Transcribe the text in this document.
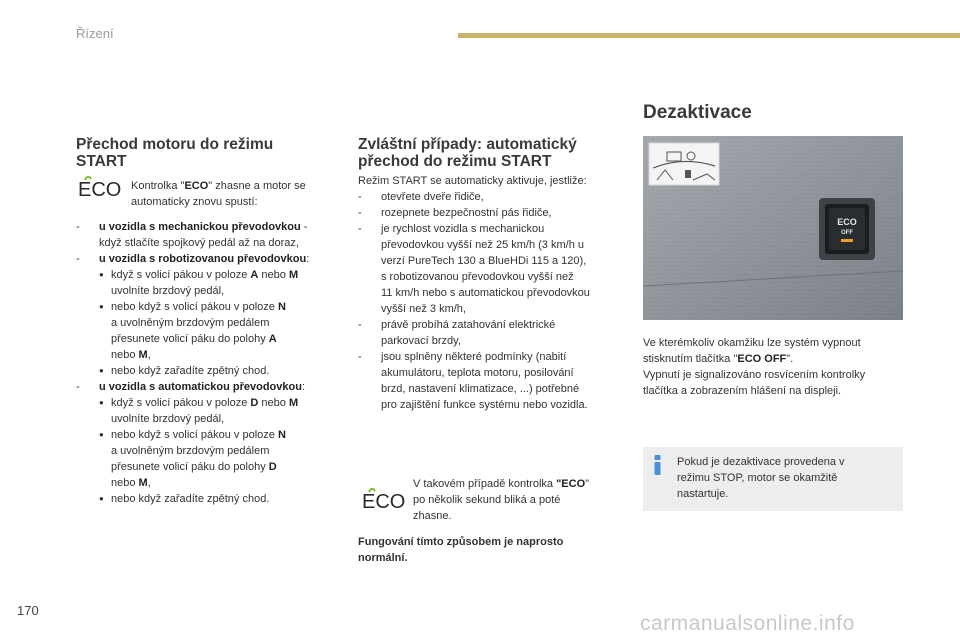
Řízení
Přechod motoru do režimu
START
ECO Kontrolka "ECO" zhasne a motor se
automaticky znovu spustí:
- u vozidla s mechanickou převodovkou -
když stlačíte spojkový pedál až na doraz,
- u vozidla s robotizovanou převodovkou:
● když s volicí pákou v poloze A nebo M
uvolníte brzdový pedál,
● nebo když s volicí pákou v poloze N
a uvolněným brzdovým pedálem
přesunete volicí páku do polohy A
nebo M,
● nebo když zařadíte zpětný chod.
- u vozidla s automatickou převodovkou:
● když s volicí pákou v poloze D nebo M
uvolníte brzdový pedál,
● nebo když s volicí pákou v poloze N
a uvolněným brzdovým pedálem
přesunete volicí páku do polohy D
nebo M,
● nebo když zařadíte zpětný chod.
Zvláštní případy: automatický
přechod do režimu START
Režim START se automaticky aktivuje, jestliže:
- otevřete dveře řidiče,
- rozepnete bezpečnostní pás řidiče,
- je rychlost vozidla s mechanickou
převodovkou vyšší než 25 km/h (3 km/h u
verzí PureTech 130 a BlueHDi 115 a 120),
s robotizovanou převodovkou vyšší než
11 km/h nebo s automatickou převodovkou
vyšší než 3 km/h,
- právě probíhá zatahování elektrické
parkovací brzdy,
- jsou splněny některé podmínky (nabití
akumulátoru, teplota motoru, posilování
brzd, nastavení klimatizace, ...) potřebné
pro zajištění funkce systému nebo vozidla.
ECO
V takovém případě kontrolka "ECO"
po několik sekund bliká a poté
zhasne.
Fungování tímto způsobem je naprosto
normální.
Dezaktivace
ECO
OFF
Ve kterémkoliv okamžiku lze systém vypnout
stisknutím tlačítka "ECO OFF".
Vypnutí je signalizováno rosvícením kontrolky
tlačítka a zobrazením hlášení na displeji.
Pokud je dezaktivace provedena v
režimu STOP, motor se okamžitě
nastartuje.
170
carmanualsonline.info
